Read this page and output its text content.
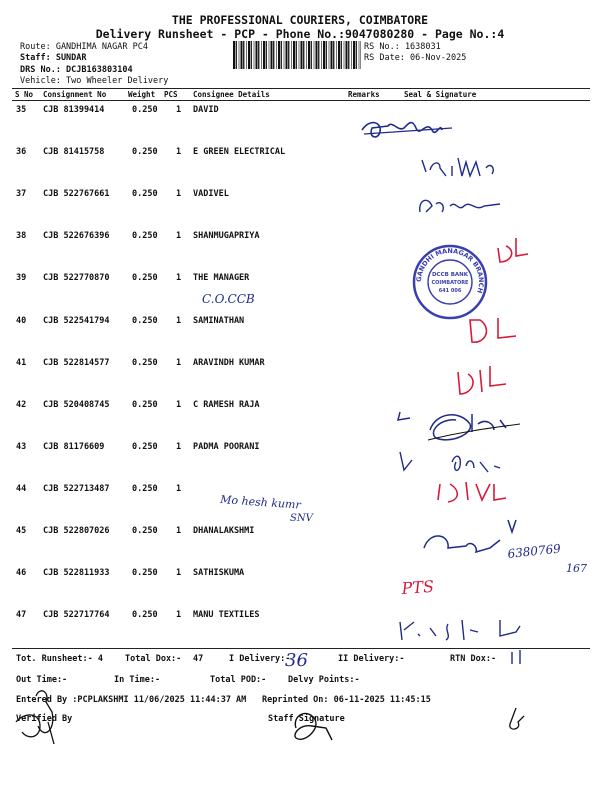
THE PROFESSIONAL COURIERS, COIMBATORE
Delivery Runsheet - PCP - Phone No.:9047080280 - Page No.:4
Route: GANDHIMA NAGAR PC4
Staff: SUNDAR
DRS No.: DCJB163803104
Vehicle: Two Wheeler Delivery
RS No.: 1638031
RS Date: 06-Nov-2025
S No Consignment No	Weight PCS Consignee Details	Remarks	Seal & Signature
35 CJB 81399414	0.250 1 DAVID
36 CJB 81415758	0.250 1 E GREEN ELECTRICAL
37 CJB 522767661	0.250 1 VADIVEL
38 CJB 522676396	0.250 1 SHANMUGAPRIYA
39 CJB 522770870	0.250 1 THE MANAGER
40 CJB 522541794	0.250 1 SAMINATHAN
41 CJB 522814577	0.250 1 ARAVINDH KUMAR
42 CJB 520408745	0.250 1 C RAMESH RAJA
43 CJB 81176609	0.250 1 PADMA POORANI
44 CJB 522713487	0.250 1
45 CJB 522807026	0.250 1 DHANALAKSHMI
46 CJB 522811933	0.250 1 SATHISKUMA
47 CJB 522717764	0.250 1 MANU TEXTILES
C.O.CCB
Mo hesh kumr
SNV
6380769
167
PTS
36
GANDHI MANAGAR BRANCH
DCCB BANK
COIMBATORE
641 006
Tot. Runsheet:- 4	Total Dox:- 47	I Delivery:-	II Delivery:-	RTN Dox:-
Out Time:-	In Time:-	Total POD:-	Delvy Points:-
Entered By :PCPLAKSHMI 11/06/2025 11:44:37 AM Reprinted On: 06-11-2025 11:45:15
Verified By	Staff Signature
